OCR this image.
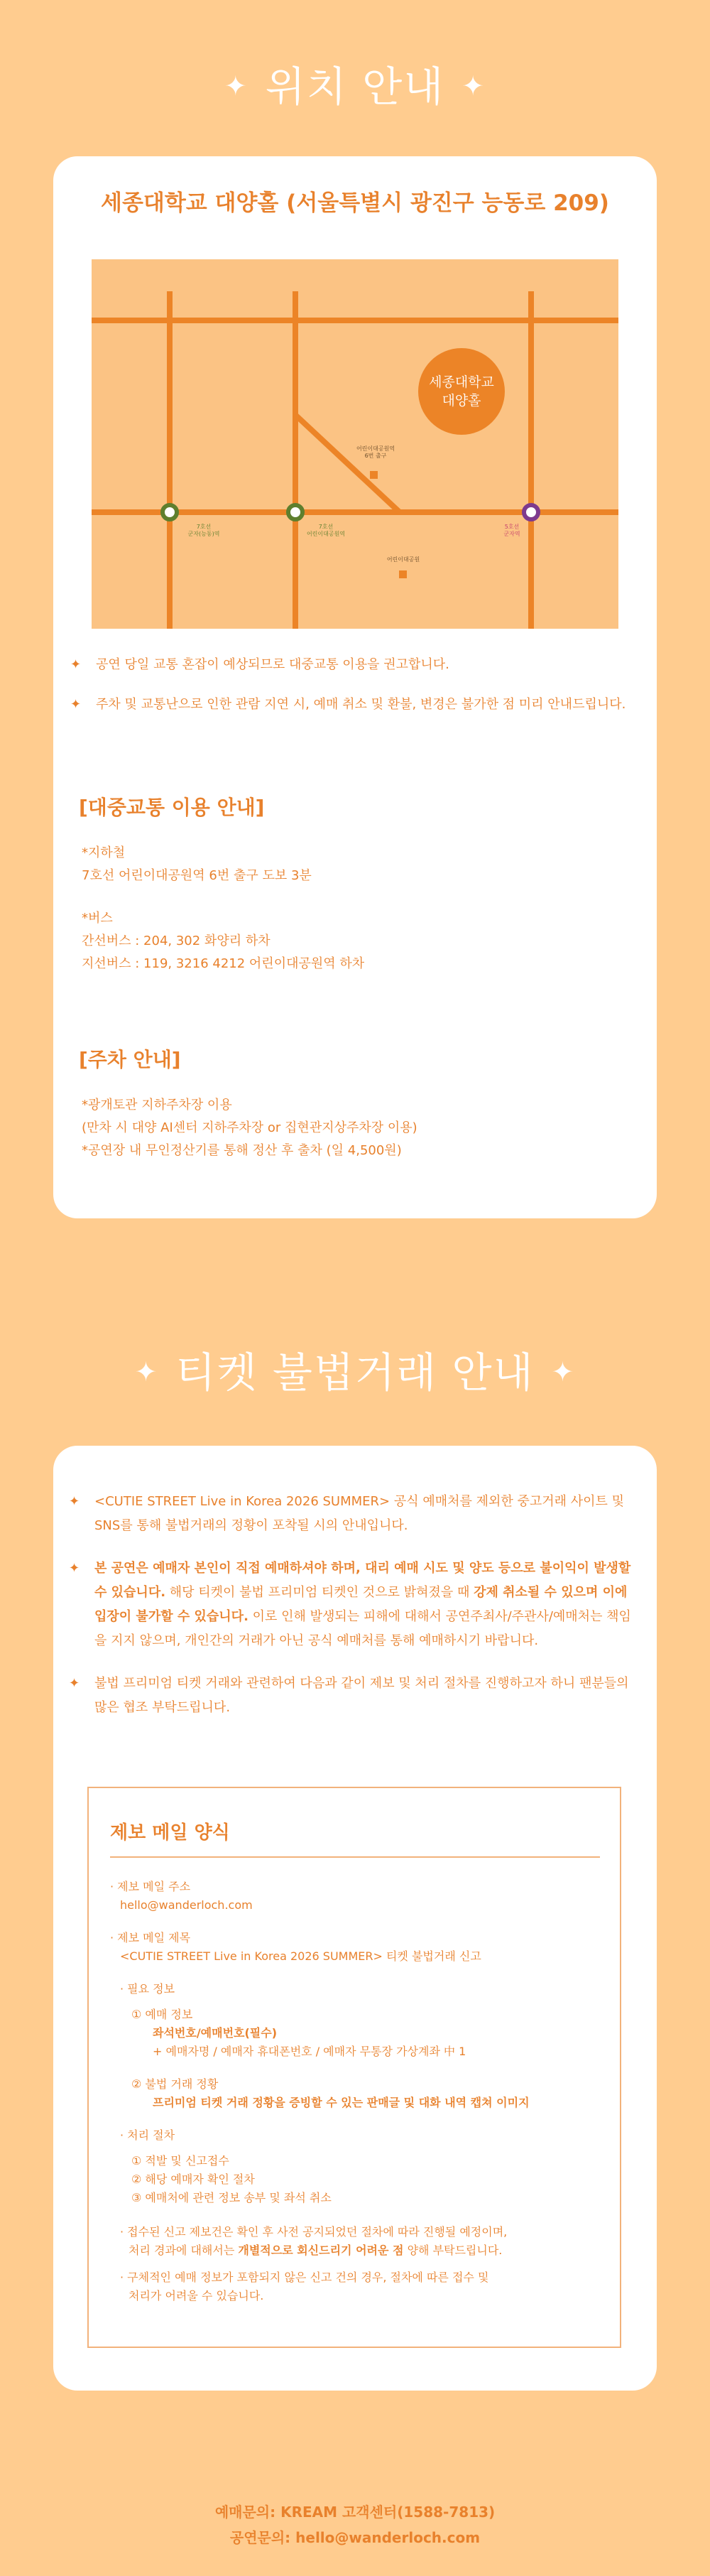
✦ 위치 안내 ✦
세종대학교 대양홀 (서울특별시 광진구 능동로 209)
세종대학교
대양홀
7호선
군자(능동)역
7호선
어린이대공원역
5호선
군자역
어린이대공원역
6번 출구
어린이대공원
✦ 공연 당일 교통 혼잡이 예상되므로 대중교통 이용을 권고합니다.
✦ 주차 및 교통난으로 인한 관람 지연 시, 예매 취소 및 환불, 변경은 불가한 점 미리 안내드립니다.
[대중교통 이용 안내]
*지하철
7호선 어린이대공원역 6번 출구 도보 3분
*버스
간선버스 : 204, 302 화양리 하차
지선버스 : 119, 3216 4212 어린이대공원역 하차
[주차 안내]
*광개토관 지하주차장 이용
(만차 시 대양 AI센터 지하주차장 or 집현관지상주차장 이용)
*공연장 내 무인정산기를 통해 정산 후 출차 (일 4,500원)
✦ 티켓 불법거래 안내 ✦
✦ <CUTIE STREET Live in Korea 2026 SUMMER> 공식 예매처를 제외한 중고거래 사이트 및 SNS를 통해 불법거래의 정황이 포착될 시의 안내입니다.
✦ 본 공연은 예매자 본인이 직접 예매하셔야 하며, 대리 예매 시도 및 양도 등으로 불이익이 발생할 수 있습니다. 해당 티켓이 불법 프리미엄 티켓인 것으로 밝혀졌을 때 강제 취소될 수 있으며 이에 입장이 불가할 수 있습니다. 이로 인해 발생되는 피해에 대해서 공연주최사/주관사/예매처는 책임을 지지 않으며, 개인간의 거래가 아닌 공식 예매처를 통해 예매하시기 바랍니다.
✦ 불법 프리미엄 티켓 거래와 관련하여 다음과 같이 제보 및 처리 절차를 진행하고자 하니 팬분들의 많은 협조 부탁드립니다.
제보 메일 양식
· 제보 메일 주소
hello@wanderloch.com
· 제보 메일 제목
<CUTIE STREET Live in Korea 2026 SUMMER> 티켓 불법거래 신고
· 필요 정보
① 예매 정보
좌석번호/예매번호(필수)
+ 예매자명 / 예매자 휴대폰번호 / 예매자 무통장 가상계좌 中 1
② 불법 거래 정황
프리미엄 티켓 거래 정황을 증빙할 수 있는 판매글 및 대화 내역 캡쳐 이미지
· 처리 절차
① 적발 및 신고접수
② 해당 예매자 확인 절차
③ 예매처에 관련 정보 송부 및 좌석 취소
· 접수된 신고 제보건은 확인 후 사전 공지되었던 절차에 따라 진행될 예정이며,
처리 경과에 대해서는 개별적으로 회신드리기 어려운 점 양해 부탁드립니다.
· 구체적인 예매 정보가 포함되지 않은 신고 건의 경우, 절차에 따른 접수 및
처리가 어려울 수 있습니다.
예매문의: KREAM 고객센터(1588-7813)
공연문의: hello@wanderloch.com
